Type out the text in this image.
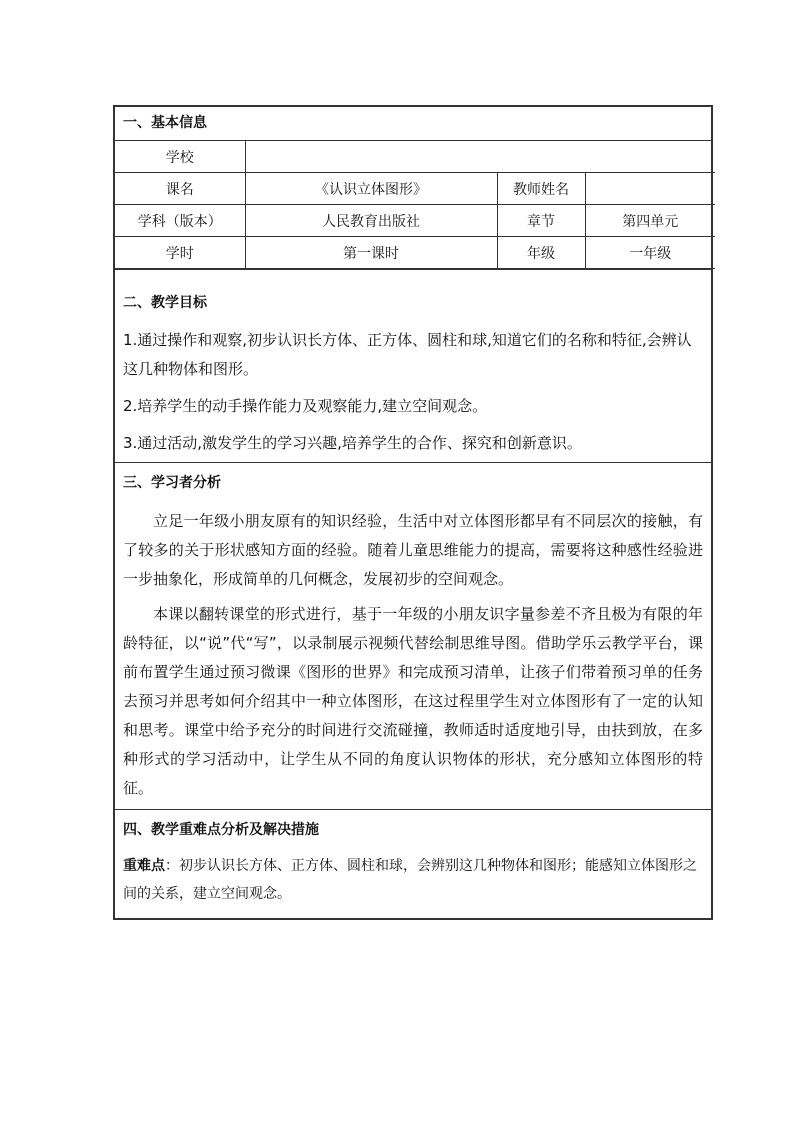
一、基本信息
学校			
课名	《认识立体图形》	教师姓名	
学科（版本）	人民教育出版社	章节	第四单元
学时	第一课时	年级	一年级
二、教学目标
1.通过操作和观察,初步认识长方体、正方体、圆柱和球,知道它们的名称和特征,会辨认这几种物体和图形。
2.培养学生的动手操作能力及观察能力,建立空间观念。
3.通过活动,激发学生的学习兴趣,培养学生的合作、探究和创新意识。
三、学习者分析

立足一年级小朋友原有的知识经验，生活中对立体图形都早有不同层次的接触，有了较多的关于形状感知方面的经验。随着儿童思维能力的提高，需要将这种感性经验进一步抽象化，形成简单的几何概念，发展初步的空间观念。

本课以翻转课堂的形式进行，基于一年级的小朋友识字量参差不齐且极为有限的年龄特征，以“说”代“写”，以录制展示视频代替绘制思维导图。借助学乐云教学平台，课前布置学生通过预习微课《图形的世界》和完成预习清单，让孩子们带着预习单的任务去预习并思考如何介绍其中一种立体图形，在这过程里学生对立体图形有了一定的认知和思考。课堂中给予充分的时间进行交流碰撞，教师适时适度地引导，由扶到放，在多种形式的学习活动中，让学生从不同的角度认识物体的形状，充分感知立体图形的特征。

四、教学重难点分析及解决措施
重难点：初步认识长方体、正方体、圆柱和球，会辨别这几种物体和图形；能感知立体图形之间的关系，建立空间观念。
